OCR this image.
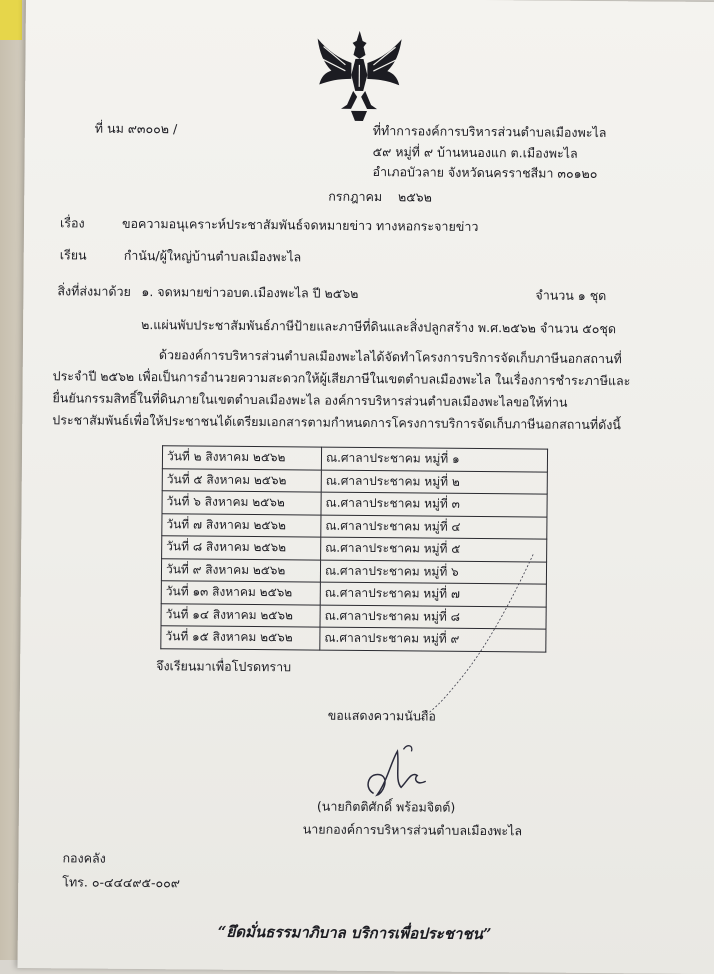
ที่ นม ๙๓๐๐๒ /	ที่ทำการองค์การบริหารส่วนตำบลเมืองพะไล
๕๙ หมู่ที่ ๙ บ้านหนองแก ต.เมืองพะไล
อำเภอบัวลาย จังหวัดนครราชสีมา ๓๐๑๒๐
กรกฎาคม    ๒๕๖๒
เรื่อง	ขอความอนุเคราะห์ประชาสัมพันธ์จดหมายข่าว ทางหอกระจายข่าว
เรียน	กำนัน/ผู้ใหญ่บ้านตำบลเมืองพะไล
สิ่งที่ส่งมาด้วย ๑. จดหมายข่าวอบต.เมืองพะไล ปี ๒๕๖๒	จำนวน ๑ ชุด
๒.แผ่นพับประชาสัมพันธ์ภาษีป้ายและภาษีที่ดินและสิ่งปลูกสร้าง พ.ศ.๒๕๖๒ จำนวน ๕๐ชุด
ด้วยองค์การบริหารส่วนตำบลเมืองพะไลได้จัดทำโครงการบริการจัดเก็บภาษีนอกสถานที่
ประจำปี ๒๕๖๒ เพื่อเป็นการอำนวยความสะดวกให้ผู้เสียภาษีในเขตตำบลเมืองพะไล ในเรื่องการชำระภาษีและ
ยื่นยันกรรมสิทธิ์ในที่ดินภายในเขตตำบลเมืองพะไล องค์การบริหารส่วนตำบลเมืองพะไลขอให้ท่าน
ประชาสัมพันธ์เพื่อให้ประชาชนได้เตรียมเอกสารตามกำหนดการโครงการบริการจัดเก็บภาษีนอกสถานที่ดังนี้
วันที่ ๒ สิงหาคม ๒๕๖๒	ณ.ศาลาประชาคม หมู่ที่ ๑
วันที่ ๕ สิงหาคม ๒๕๖๒	ณ.ศาลาประชาคม หมู่ที่ ๒
วันที่ ๖ สิงหาคม ๒๕๖๒	ณ.ศาลาประชาคม หมู่ที่ ๓
วันที่ ๗ สิงหาคม ๒๕๖๒	ณ.ศาลาประชาคม หมู่ที่ ๔
วันที่ ๘ สิงหาคม ๒๕๖๒	ณ.ศาลาประชาคม หมู่ที่ ๕
วันที่ ๙ สิงหาคม ๒๕๖๒	ณ.ศาลาประชาคม หมู่ที่ ๖
วันที่ ๑๓ สิงหาคม ๒๕๖๒	ณ.ศาลาประชาคม หมู่ที่ ๗
วันที่ ๑๔ สิงหาคม ๒๕๖๒	ณ.ศาลาประชาคม หมู่ที่ ๘
วันที่ ๑๕ สิงหาคม ๒๕๖๒	ณ.ศาลาประชาคม หมู่ที่ ๙
จึงเรียนมาเพื่อโปรดทราบ
ขอแสดงความนับถือ
(นายกิตติศักดิ์ พร้อมจิตต์)
นายกองค์การบริหารส่วนตำบลเมืองพะไล
กองคลัง
โทร. ๐-๔๔๔๙๕-๐๐๙
“ยึดมั่นธรรมาภิบาล บริการเพื่อประชาชน”
